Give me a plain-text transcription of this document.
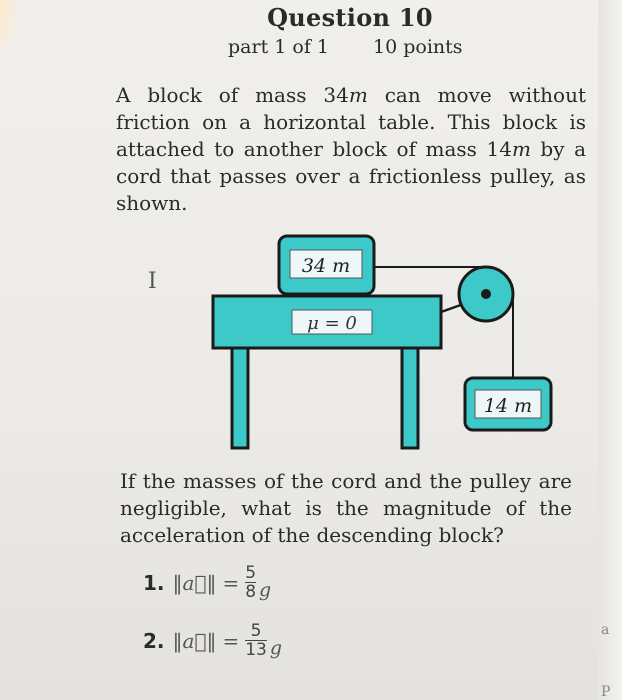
Question 10
part 1 of 1 10 points
A block of mass 34m can move without friction on a horizontal table. This block is attached to another block of mass 14m by a cord that passes over a frictionless pulley, as shown.
I
34 m
μ = 0
14 m
If the masses of the cord and the pulley are negligible, what is the magnitude of the acceleration of the descending block?
1. ‖a⃗‖ = $\frac{5}{8}$ g
2. ‖a⃗‖ = $\frac{5}{13}$ g
a
P
